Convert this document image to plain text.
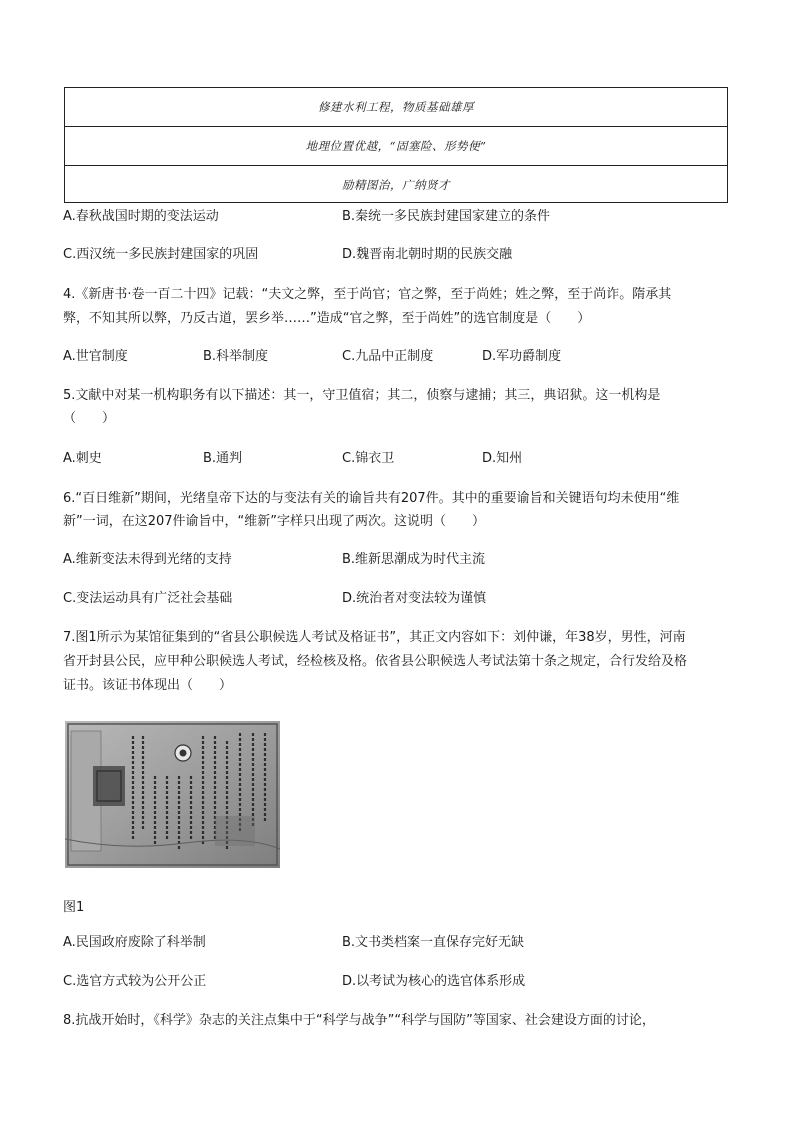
修建水利工程，物质基础雄厚
地理位置优越，“固塞险、形势便”
励精图治，广纳贤才
A.春秋战国时期的变法运动	B.秦统一多民族封建国家建立的条件
C.西汉统一多民族封建国家的巩固	D.魏晋南北朝时期的民族交融
4.《新唐书·卷一百二十四》记载：“夫文之弊，至于尚官；官之弊，至于尚姓；姓之弊，至于尚诈。隋承其
弊，不知其所以弊，乃反古道，罢乡举……”造成“官之弊，至于尚姓”的选官制度是（　　）
A.世官制度	B.科举制度	C.九品中正制度	D.军功爵制度
5.文献中对某一机构职务有以下描述：其一，守卫值宿；其二，侦察与逮捕；其三，典诏狱。这一机构是
（　　）
A.刺史	B.通判	C.锦衣卫	D.知州
6.“百日维新”期间，光绪皇帝下达的与变法有关的谕旨共有207件。其中的重要谕旨和关键语句均未使用“维
新”一词，在这207件谕旨中，“维新”字样只出现了两次。这说明（　　）
A.维新变法未得到光绪的支持	B.维新思潮成为时代主流
C.变法运动具有广泛社会基础	D.统治者对变法较为谨慎
7.图1所示为某馆征集到的“省县公职候选人考试及格证书”，其正文内容如下：刘仲谦，年38岁，男性，河南
省开封县公民，应甲种公职候选人考试，经检核及格。依省县公职候选人考试法第十条之规定，合行发给及格
证书。该证书体现出（　　）
图1
A.民国政府废除了科举制	B.文书类档案一直保存完好无缺
C.选官方式较为公开公正	D.以考试为核心的选官体系形成
8.抗战开始时，《科学》杂志的关注点集中于“科学与战争”“科学与国防”等国家、社会建设方面的讨论，
